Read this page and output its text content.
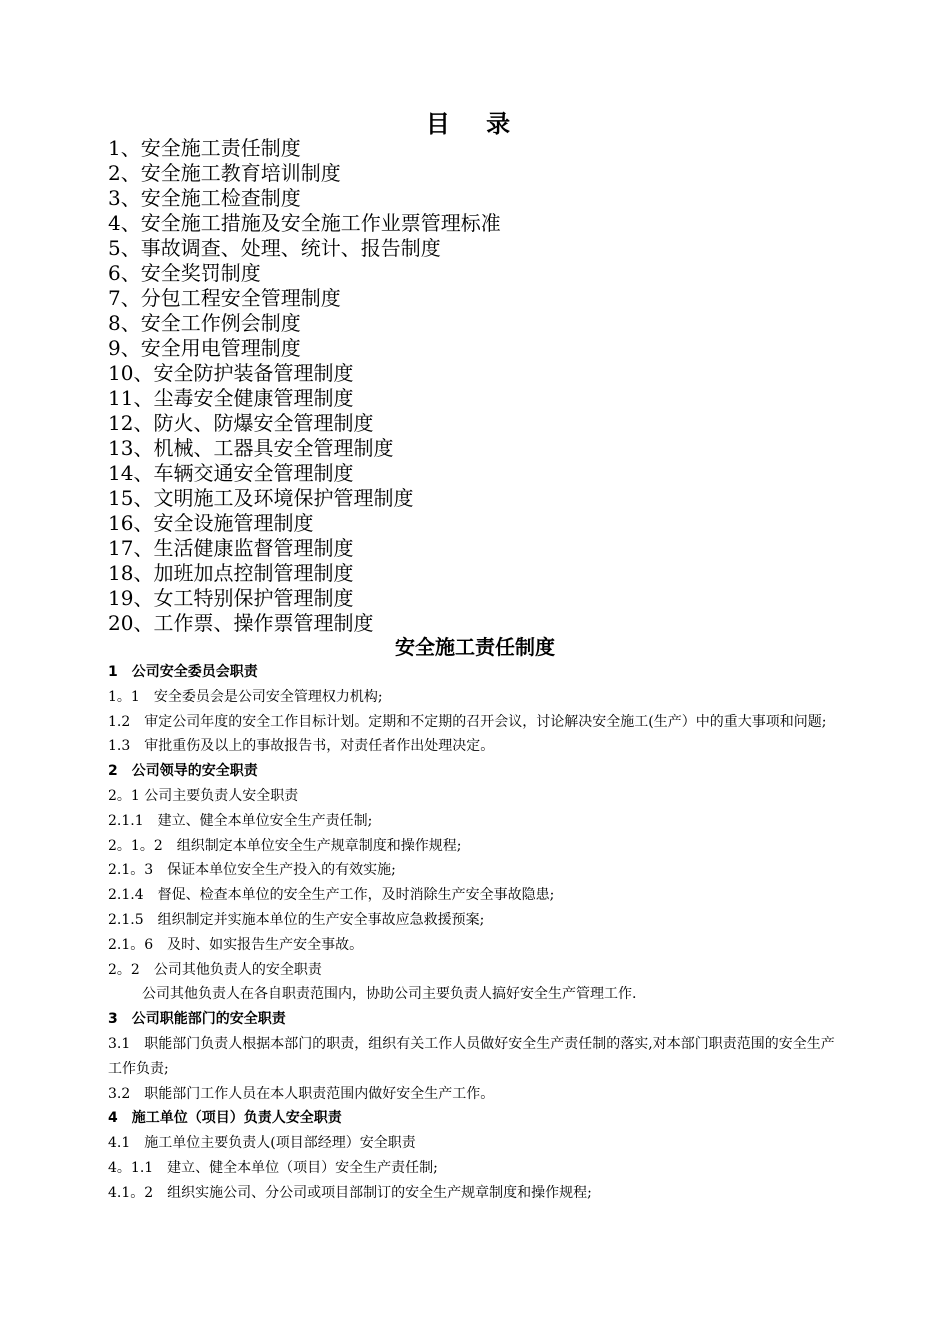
目 录
1、安全施工责任制度
2、安全施工教育培训制度
3、安全施工检查制度
4、安全施工措施及安全施工作业票管理标准
5、事故调查、处理、统计、报告制度
6、安全奖罚制度
7、分包工程安全管理制度
8、安全工作例会制度
9、安全用电管理制度
10、安全防护装备管理制度
11、尘毒安全健康管理制度
12、防火、防爆安全管理制度
13、机械、工器具安全管理制度
14、车辆交通安全管理制度
15、文明施工及环境保护管理制度
16、安全设施管理制度
17、生活健康监督管理制度
18、加班加点控制管理制度
19、女工特别保护管理制度
20、工作票、操作票管理制度
安全施工责任制度

1　公司安全委员会职责

1。1　安全委员会是公司安全管理权力机构;

1.2　审定公司年度的安全工作目标计划。定期和不定期的召开会议，讨论解决安全施工(生产）中的重大事项和问题;

1.3　审批重伤及以上的事故报告书，对责任者作出处理决定。

2　公司领导的安全职责

2。1 公司主要负责人安全职责

2.1.1　建立、健全本单位安全生产责任制;

2。1。2　组织制定本单位安全生产规章制度和操作规程;

2.1。3　保证本单位安全生产投入的有效实施;

2.1.4　督促、检查本单位的安全生产工作，及时消除生产安全事故隐患;

2.1.5　组织制定并实施本单位的生产安全事故应急救援预案;

2.1。6　及时、如实报告生产安全事故。

2。2　公司其他负责人的安全职责

公司其他负责人在各自职责范围内，协助公司主要负责人搞好安全生产管理工作.

3　公司职能部门的安全职责

3.1　职能部门负责人根据本部门的职责，组织有关工作人员做好安全生产责任制的落实,对本部门职责范围的安全生产工作负责;

3.2　职能部门工作人员在本人职责范围内做好安全生产工作。

4　施工单位（项目）负责人安全职责

4.1　施工单位主要负责人(项目部经理）安全职责

4。1.1　建立、健全本单位（项目）安全生产责任制;

4.1。2　组织实施公司、分公司或项目部制订的安全生产规章制度和操作规程;
